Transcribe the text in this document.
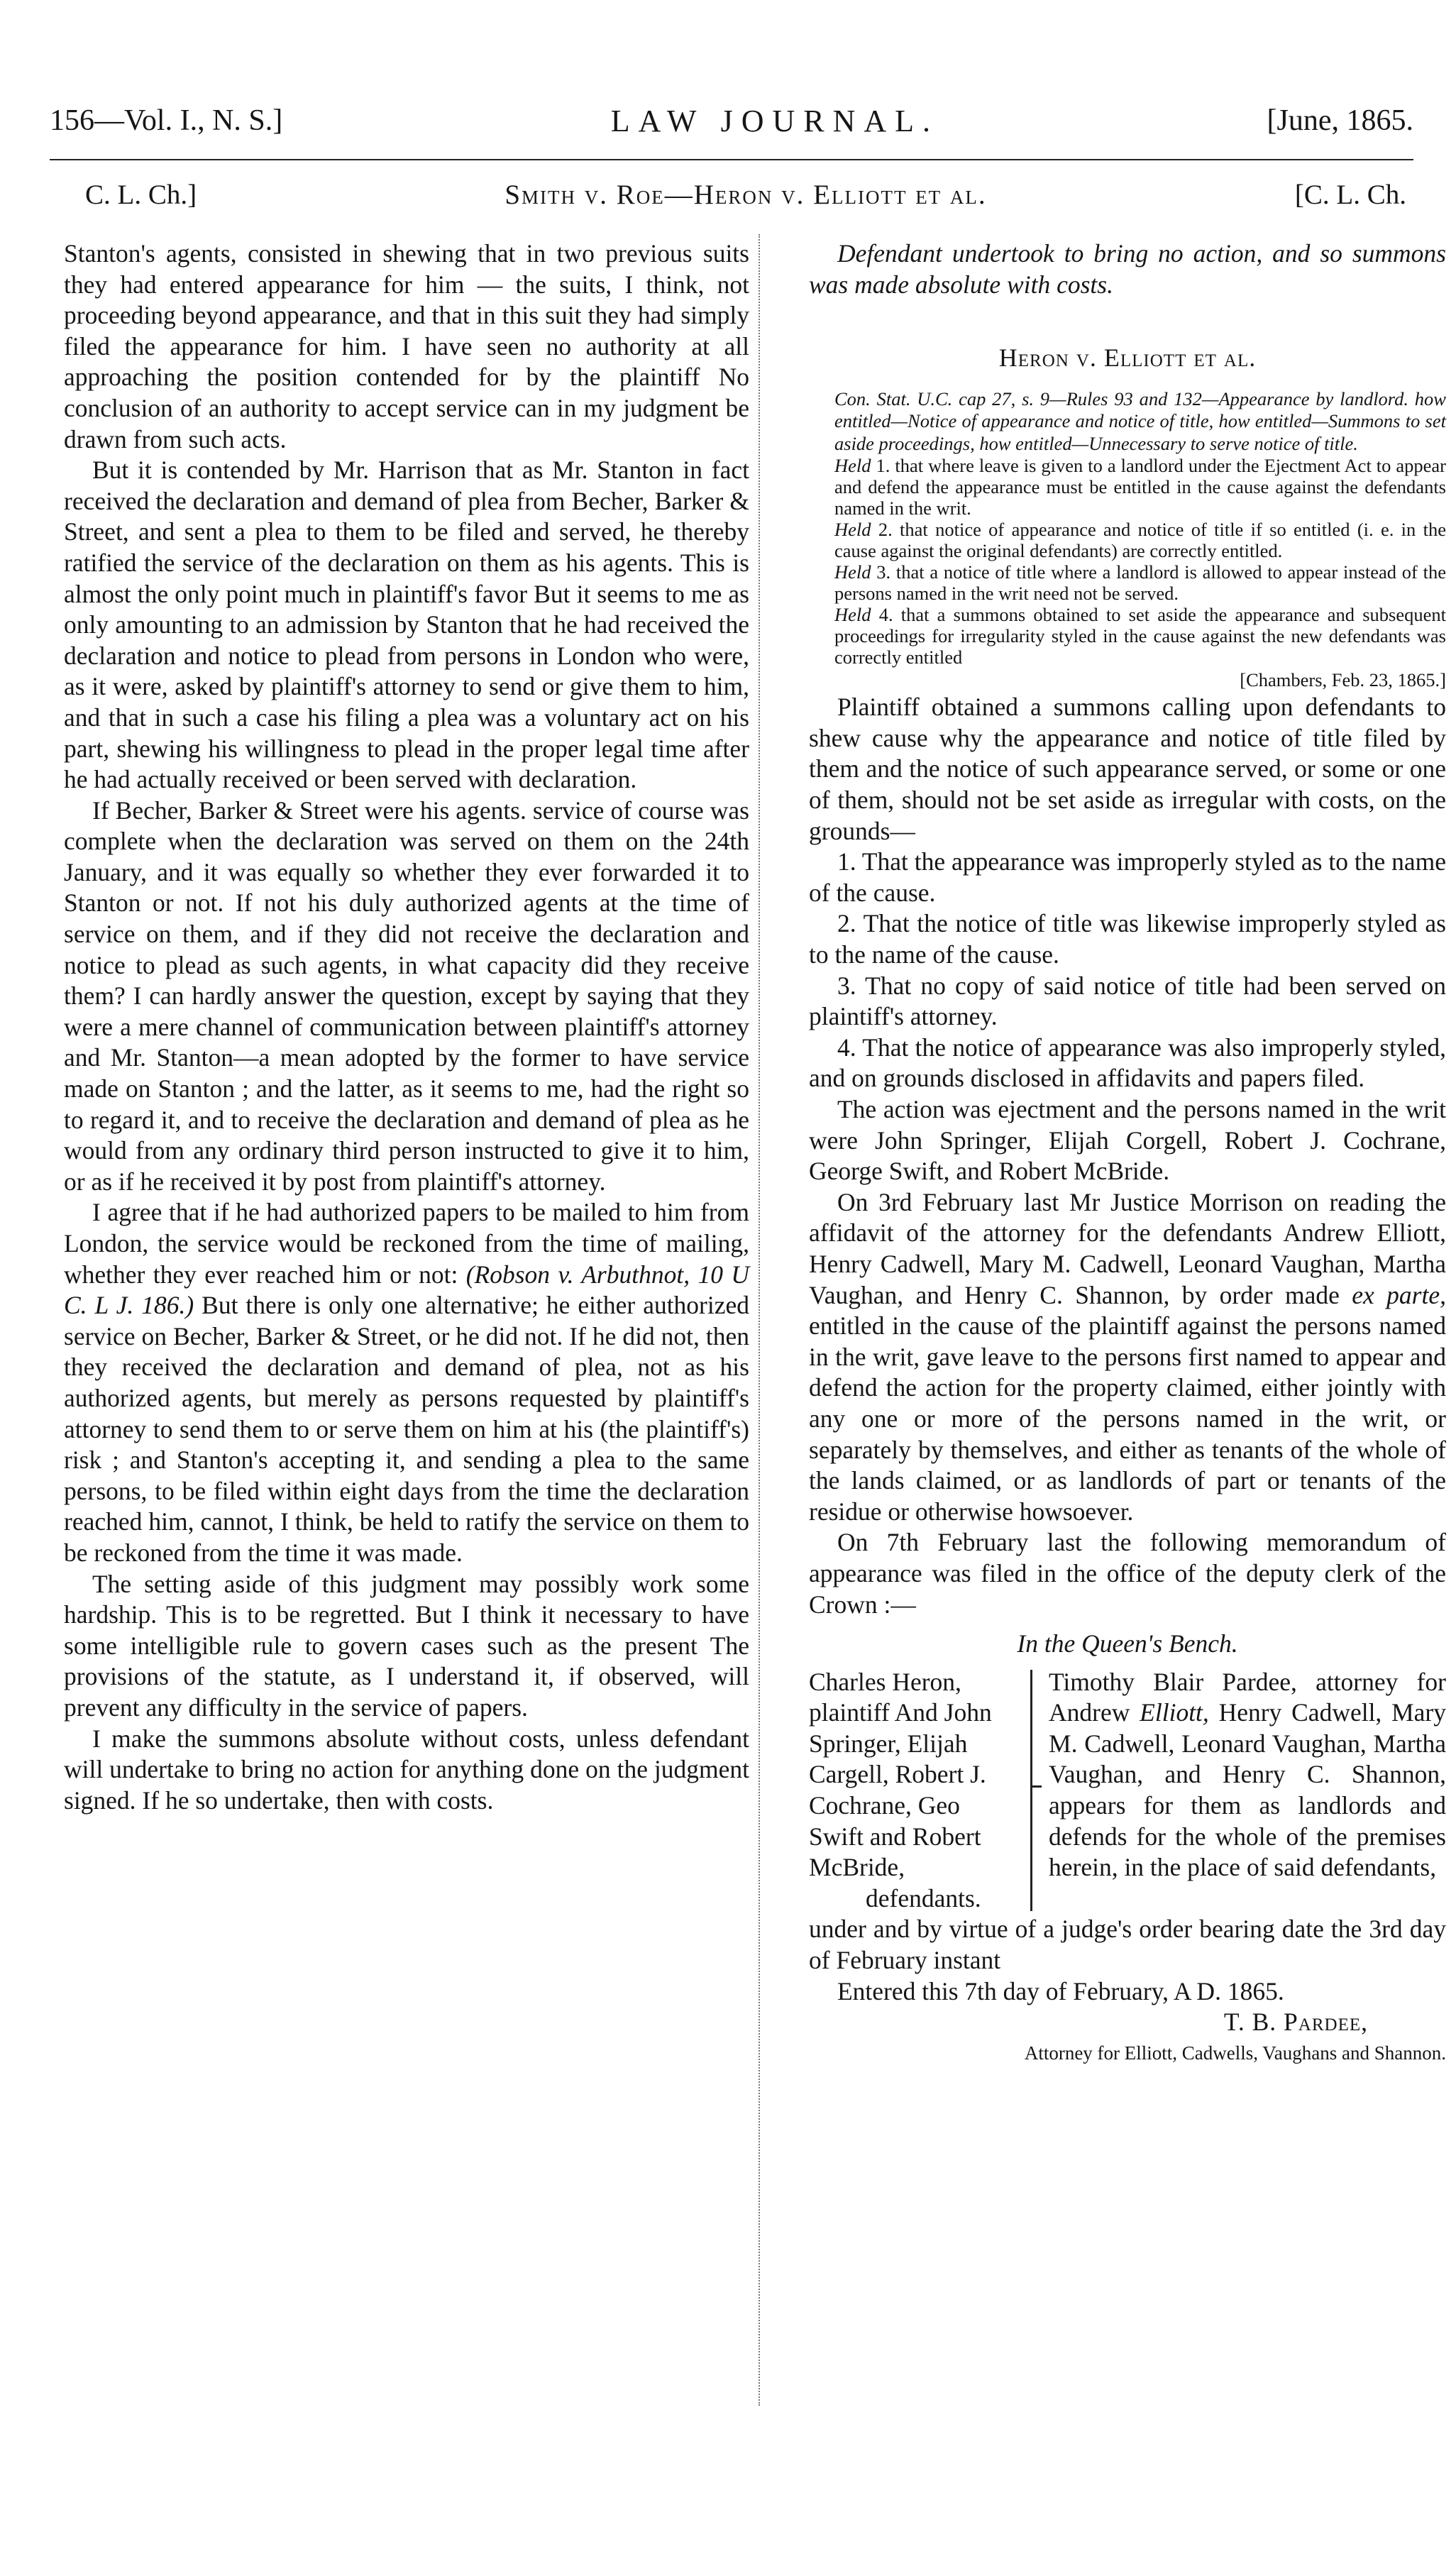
156—Vol. I., N. S.]	LAW JOURNAL.	[June, 1865.
C. L. Ch.]	Smith v. Roe—Heron v. Elliott et al.	[C. L. Ch.

Stanton's agents, consisted in shewing that in two previous suits they had entered appearance for him — the suits, I think, not proceeding beyond appearance, and that in this suit they had simply filed the appearance for him. I have seen no authority at all approaching the position contended for by the plaintiff No conclusion of an authority to accept service can in my judgment be drawn from such acts.

But it is contended by Mr. Harrison that as Mr. Stanton in fact received the declaration and demand of plea from Becher, Barker & Street, and sent a plea to them to be filed and served, he thereby ratified the service of the declaration on them as his agents. This is almost the only point much in plaintiff's favor But it seems to me as only amounting to an admission by Stanton that he had received the declaration and notice to plead from persons in London who were, as it were, asked by plaintiff's attorney to send or give them to him, and that in such a case his filing a plea was a voluntary act on his part, shewing his willingness to plead in the proper legal time after he had actually received or been served with declaration.

If Becher, Barker & Street were his agents. service of course was complete when the declaration was served on them on the 24th January, and it was equally so whether they ever forwarded it to Stanton or not. If not his duly authorized agents at the time of service on them, and if they did not receive the declaration and notice to plead as such agents, in what capacity did they receive them? I can hardly answer the question, except by saying that they were a mere channel of communication between plaintiff's attorney and Mr. Stanton—a mean adopted by the former to have service made on Stanton ; and the latter, as it seems to me, had the right so to regard it, and to receive the declaration and demand of plea as he would from any ordinary third person instructed to give it to him, or as if he received it by post from plaintiff's attorney.

I agree that if he had authorized papers to be mailed to him from London, the service would be reckoned from the time of mailing, whether they ever reached him or not: (Robson v. Arbuthnot, 10 U C. L J. 186.) But there is only one alternative; he either authorized service on Becher, Barker & Street, or he did not. If he did not, then they received the declaration and demand of plea, not as his authorized agents, but merely as persons requested by plaintiff's attorney to send them to or serve them on him at his (the plaintiff's) risk ; and Stanton's accepting it, and sending a plea to the same persons, to be filed within eight days from the time the declaration reached him, cannot, I think, be held to ratify the service on them to be reckoned from the time it was made.

The setting aside of this judgment may possibly work some hardship. This is to be regretted. But I think it necessary to have some intelligible rule to govern cases such as the present The provisions of the statute, as I understand it, if observed, will prevent any difficulty in the service of papers.

I make the summons absolute without costs, unless defendant will undertake to bring no action for anything done on the judgment signed. If he so undertake, then with costs.

Defendant undertook to bring no action, and so summons was made absolute with costs.

Heron v. Elliott et al.

Con. Stat. U.C. cap 27, s. 9—Rules 93 and 132—Appearance by landlord. how entitled—Notice of appearance and notice of title, how entitled—Summons to set aside proceedings, how entitled—Unnecessary to serve notice of title.

Held 1. that where leave is given to a landlord under the Ejectment Act to appear and defend the appearance must be entitled in the cause against the defendants named in the writ.

Held 2. that notice of appearance and notice of title if so entitled (i. e. in the cause against the original defendants) are correctly entitled.

Held 3. that a notice of title where a landlord is allowed to appear instead of the persons named in the writ need not be served.

Held 4. that a summons obtained to set aside the appearance and subsequent proceedings for irregularity styled in the cause against the new defendants was correctly entitled

[Chambers, Feb. 23, 1865.]

Plaintiff obtained a summons calling upon defendants to shew cause why the appearance and notice of title filed by them and the notice of such appearance served, or some or one of them, should not be set aside as irregular with costs, on the grounds—

1. That the appearance was improperly styled as to the name of the cause.

2. That the notice of title was likewise improperly styled as to the name of the cause.

3. That no copy of said notice of title had been served on plaintiff's attorney.

4. That the notice of appearance was also improperly styled, and on grounds disclosed in affidavits and papers filed.

The action was ejectment and the persons named in the writ were John Springer, Elijah Corgell, Robert J. Cochrane, George Swift, and Robert McBride.

On 3rd February last Mr Justice Morrison on reading the affidavit of the attorney for the defendants Andrew Elliott, Henry Cadwell, Mary M. Cadwell, Leonard Vaughan, Martha Vaughan, and Henry C. Shannon, by order made ex parte, entitled in the cause of the plaintiff against the persons named in the writ, gave leave to the persons first named to appear and defend the action for the property claimed, either jointly with any one or more of the persons named in the writ, or separately by themselves, and either as tenants of the whole of the lands claimed, or as landlords of part or tenants of the residue or otherwise howsoever.

On 7th February last the following memorandum of appearance was filed in the office of the deputy clerk of the Crown :—

In the Queen's Bench.
Charles Heron, plaintiff And John Springer, Elijah Cargell, Robert J. Cochrane, Geo Swift and Robert McBride,
defendants.
Timothy Blair Pardee, attorney for Andrew Elliott, Henry Cadwell, Mary M. Cadwell, Leonard Vaughan, Martha Vaughan, and Henry C. Shannon, appears for them as landlords and defends for the whole of the premises herein, in the place of said defendants,

under and by virtue of a judge's order bearing date the 3rd day of February instant

Entered this 7th day of February, A D. 1865.

T. B. Pardee,

Attorney for Elliott, Cadwells, Vaughans and Shannon.
